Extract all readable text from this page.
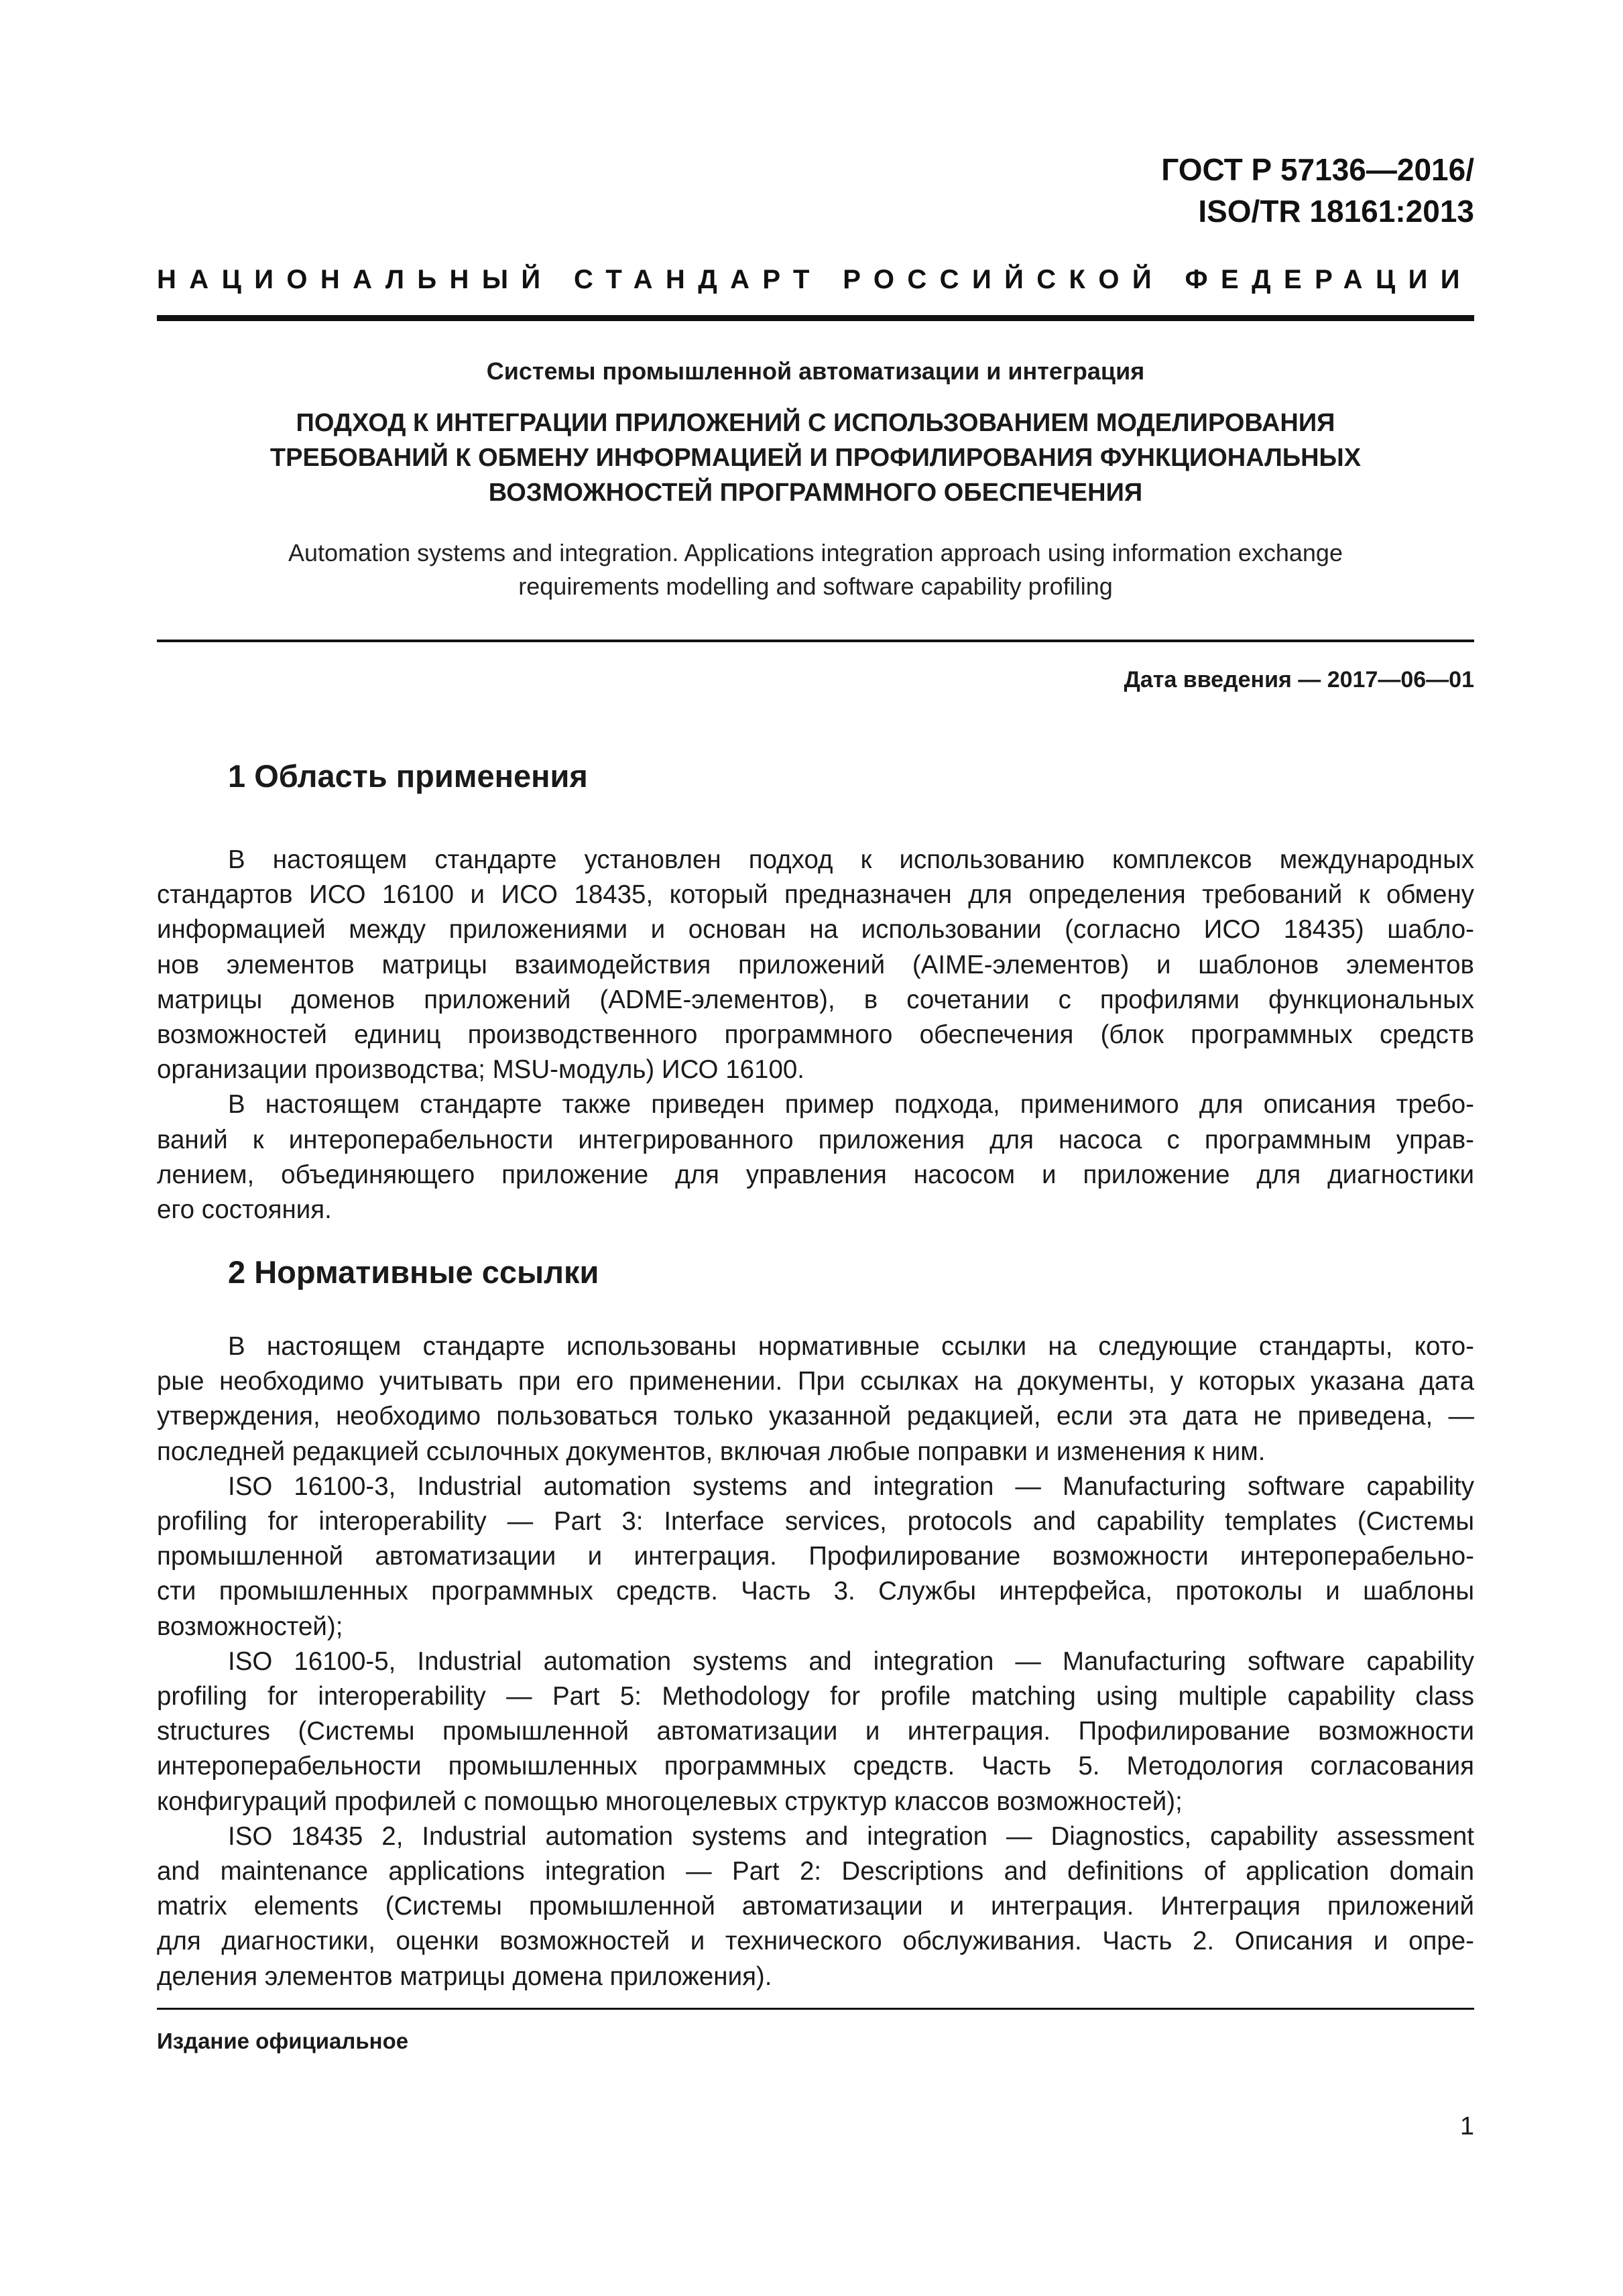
ГОСТ Р 57136—2016/
ISO/TR 18161:2013
НАЦИОНАЛЬНЫЙ СТАНДАРТ РОССИЙСКОЙ ФЕДЕРАЦИИ
Системы промышленной автоматизации и интеграция
ПОДХОД К ИНТЕГРАЦИИ ПРИЛОЖЕНИЙ С ИСПОЛЬЗОВАНИЕМ МОДЕЛИРОВАНИЯ
ТРЕБОВАНИЙ К ОБМЕНУ ИНФОРМАЦИЕЙ И ПРОФИЛИРОВАНИЯ ФУНКЦИОНАЛЬНЫХ
ВОЗМОЖНОСТЕЙ ПРОГРАММНОГО ОБЕСПЕЧЕНИЯ
Automation systems and integration. Applications integration approach using information exchange
requirements modelling and software capability profiling
Дата введения — 2017—06—01
1 Область применения
В настоящем стандарте установлен подход к использованию комплексов международных
стандартов ИСО 16100 и ИСО 18435, который предназначен для определения требований к обмену
информацией между приложениями и основан на использовании (согласно ИСО 18435) шабло-
нов элементов матрицы взаимодействия приложений (AIME-элементов) и шаблонов элементов
матрицы доменов приложений (ADME-элементов), в сочетании с профилями функциональных
возможностей единиц производственного программного обеспечения (блок программных средств
организации производства; MSU-модуль) ИСО 16100.
В настоящем стандарте также приведен пример подхода, применимого для описания требо-
ваний к интероперабельности интегрированного приложения для насоса с программным управ-
лением, объединяющего приложение для управления насосом и приложение для диагностики
его состояния.
2 Нормативные ссылки
В настоящем стандарте использованы нормативные ссылки на следующие стандарты, кото-
рые необходимо учитывать при его применении. При ссылках на документы, у которых указана дата
утверждения, необходимо пользоваться только указанной редакцией, если эта дата не приведена, —
последней редакцией ссылочных документов, включая любые поправки и изменения к ним.
ISO 16100-3, Industrial automation systems and integration — Manufacturing software capability
profiling for interoperability — Part 3: Interface services, protocols and capability templates (Системы
промышленной автоматизации и интеграция. Профилирование возможности интероперабельно-
сти промышленных программных средств. Часть 3. Службы интерфейса, протоколы и шаблоны
возможностей);
ISO 16100-5, Industrial automation systems and integration — Manufacturing software capability
profiling for interoperability — Part 5: Methodology for profile matching using multiple capability class
structures (Системы промышленной автоматизации и интеграция. Профилирование возможности
интероперабельности промышленных программных средств. Часть 5. Методология согласования
конфигураций профилей с помощью многоцелевых структур классов возможностей);
ISO 18435 2, Industrial automation systems and integration — Diagnostics, capability assessment
and maintenance applications integration — Part 2: Descriptions and definitions of application domain
matrix elements (Системы промышленной автоматизации и интеграция. Интеграция приложений
для диагностики, оценки возможностей и технического обслуживания. Часть 2. Описания и опре-
деления элементов матрицы домена приложения).
Издание официальное
1
